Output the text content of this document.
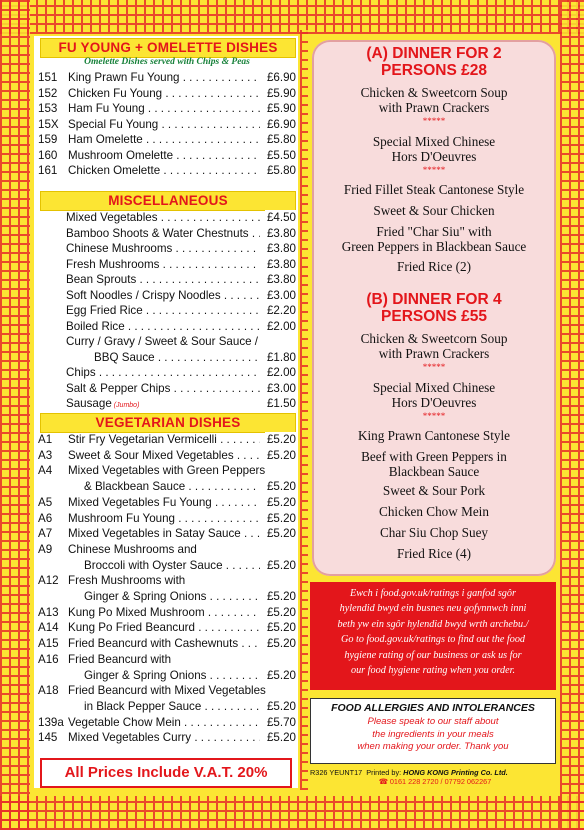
FU YOUNG + OMELETTE DISHES
Omelette Dishes served with Chips & Peas
151 King Prawn Fu Young . . .	£6.90
152 Chicken Fu Young . . .	£5.90
153 Ham Fu Young . . .	£5.90
15X Special Fu Young . . .	£6.90
159 Ham Omelette . . .	£5.80
160 Mushroom Omelette . . .	£5.50
161 Chicken Omelette . . .	£5.80
MISCELLANEOUS
Mixed Vegetables . . .	£4.50
Bamboo Shoots & Water Chestnuts . . .	£3.80
Chinese Mushrooms . . .	£3.80
Fresh Mushrooms . . .	£3.80
Bean Sprouts . . .	£3.80
Soft Noodles / Crispy Noodles . . .	£3.00
Egg Fried Rice . . .	£2.20
Boiled Rice . . .	£2.00
Curry / Gravy / Sweet & Sour Sauce /
BBQ Sauce . . .	£1.80
Chips . . .	£2.00
Salt & Pepper Chips . . .	£3.00
Sausage (Jumbo)	£1.50
VEGETARIAN DISHES
A1 Stir Fry Vegetarian Vermicelli . . .	£5.20
A3 Sweet & Sour Mixed Vegetables . . .	£5.20
A4 Mixed Vegetables with Green Peppers
& Blackbean Sauce . . .	£5.20
A5 Mixed Vegetables Fu Young . . .	£5.20
A6 Mushroom Fu Young . . .	£5.20
A7 Mixed Vegetables in Satay Sauce . . .	£5.20
A9 Chinese Mushrooms and
Broccoli with Oyster Sauce . . .	£5.20
A12 Fresh Mushrooms with
Ginger & Spring Onions . . .	£5.20
A13 Kung Po Mixed Mushroom . . .	£5.20
A14 Kung Po Fried Beancurd . . .	£5.20
A15 Fried Beancurd with Cashewnuts . . .	£5.20
A16 Fried Beancurd with
Ginger & Spring Onions . . .	£5.20
A18 Fried Beancurd with Mixed Vegetables
in Black Pepper Sauce . . .	£5.20
139a Vegetable Chow Mein . . .	£5.70
145 Mixed Vegetables Curry . . .	£5.20
All Prices Include V.A.T. 20%
(A) DINNER FOR 2
PERSONS £28
Chicken & Sweetcorn Soup
with Prawn Crackers
*****
Special Mixed Chinese
Hors D'Oeuvres
*****
Fried Fillet Steak Cantonese Style
Sweet & Sour Chicken
Fried "Char Siu" with
Green Peppers in Blackbean Sauce
Fried Rice (2)
(B) DINNER FOR 4
PERSONS £55
Chicken & Sweetcorn Soup
with Prawn Crackers
*****
Special Mixed Chinese
Hors D'Oeuvres
*****
King Prawn Cantonese Style
Beef with Green Peppers in
Blackbean Sauce
Sweet & Sour Pork
Chicken Chow Mein
Char Siu Chop Suey
Fried Rice (4)
Ewch i food.gov.uk/ratings i ganfod sgôr
hylendid bwyd ein busnes neu gofynnwch inni
beth yw ein sgôr hylendid bwyd wrth archebu./
Go to food.gov.uk/ratings to find out the food
hygiene rating of our business or ask us for
our food hygiene rating when you order.
FOOD ALLERGIES AND INTOLERANCES
Please speak to our staff about
the ingredients in your meals
when making your order. Thank you
R326 YEUNT17 Printed by: HONG KONG Printing Co. Ltd.
☎ 0161 228 2720 / 07792 062267
